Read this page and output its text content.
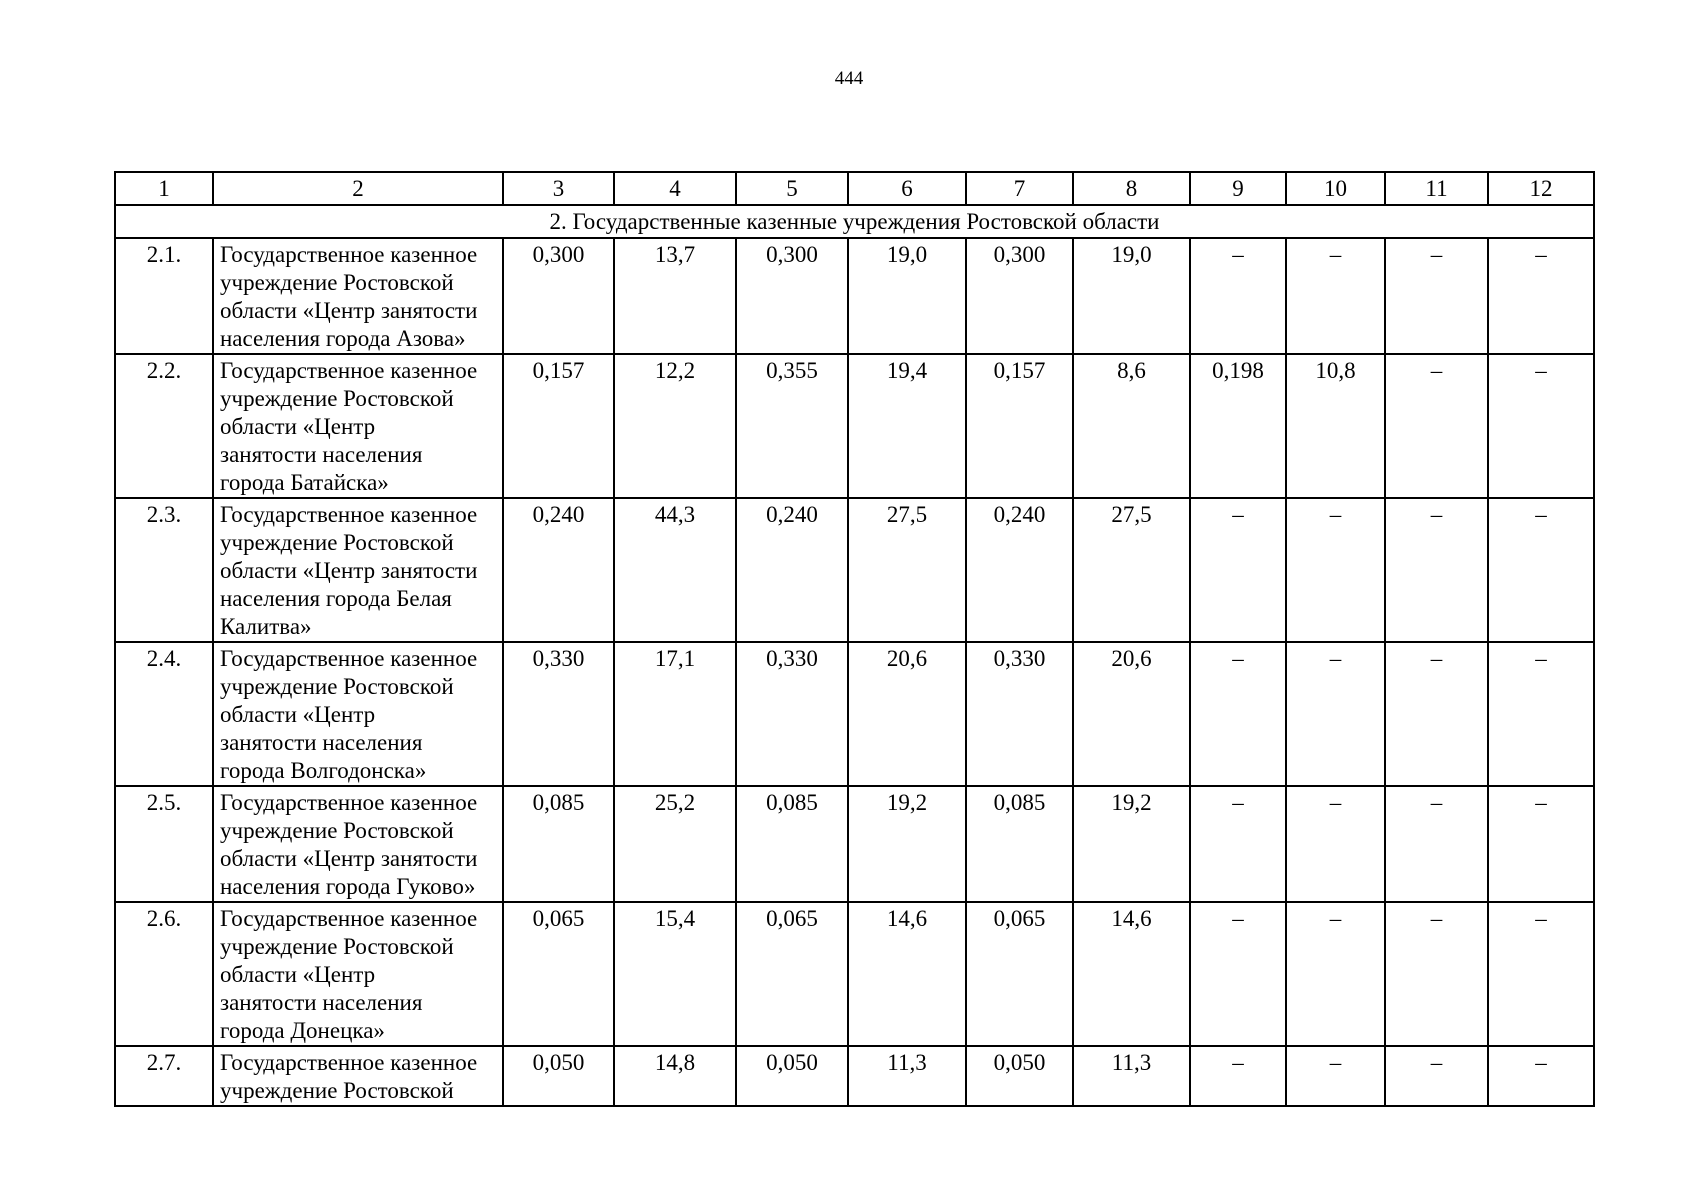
444
1	2	3	4	5	6	7	8	9	10	11	12
2. Государственные казенные учреждения Ростовской области											
2.1.	Государственное казенное
учреждение Ростовской
области «Центр занятости
населения города Азова»	0,300	13,7	0,300	19,0	0,300	19,0	–	–	–	–
2.2.	Государственное казенное
учреждение Ростовской
области «Центр
занятости населения
города Батайска»	0,157	12,2	0,355	19,4	0,157	8,6	0,198	10,8	–	–
2.3.	Государственное казенное
учреждение Ростовской
области «Центр занятости
населения города Белая
Калитва»	0,240	44,3	0,240	27,5	0,240	27,5	–	–	–	–
2.4.	Государственное казенное
учреждение Ростовской
области «Центр
занятости населения
города Волгодонска»	0,330	17,1	0,330	20,6	0,330	20,6	–	–	–	–
2.5.	Государственное казенное
учреждение Ростовской
области «Центр занятости
населения города Гуково»	0,085	25,2	0,085	19,2	0,085	19,2	–	–	–	–
2.6.	Государственное казенное
учреждение Ростовской
области «Центр
занятости населения
города Донецка»	0,065	15,4	0,065	14,6	0,065	14,6	–	–	–	–
2.7.	Государственное казенное
учреждение Ростовской	0,050	14,8	0,050	11,3	0,050	11,3	–	–	–	–
